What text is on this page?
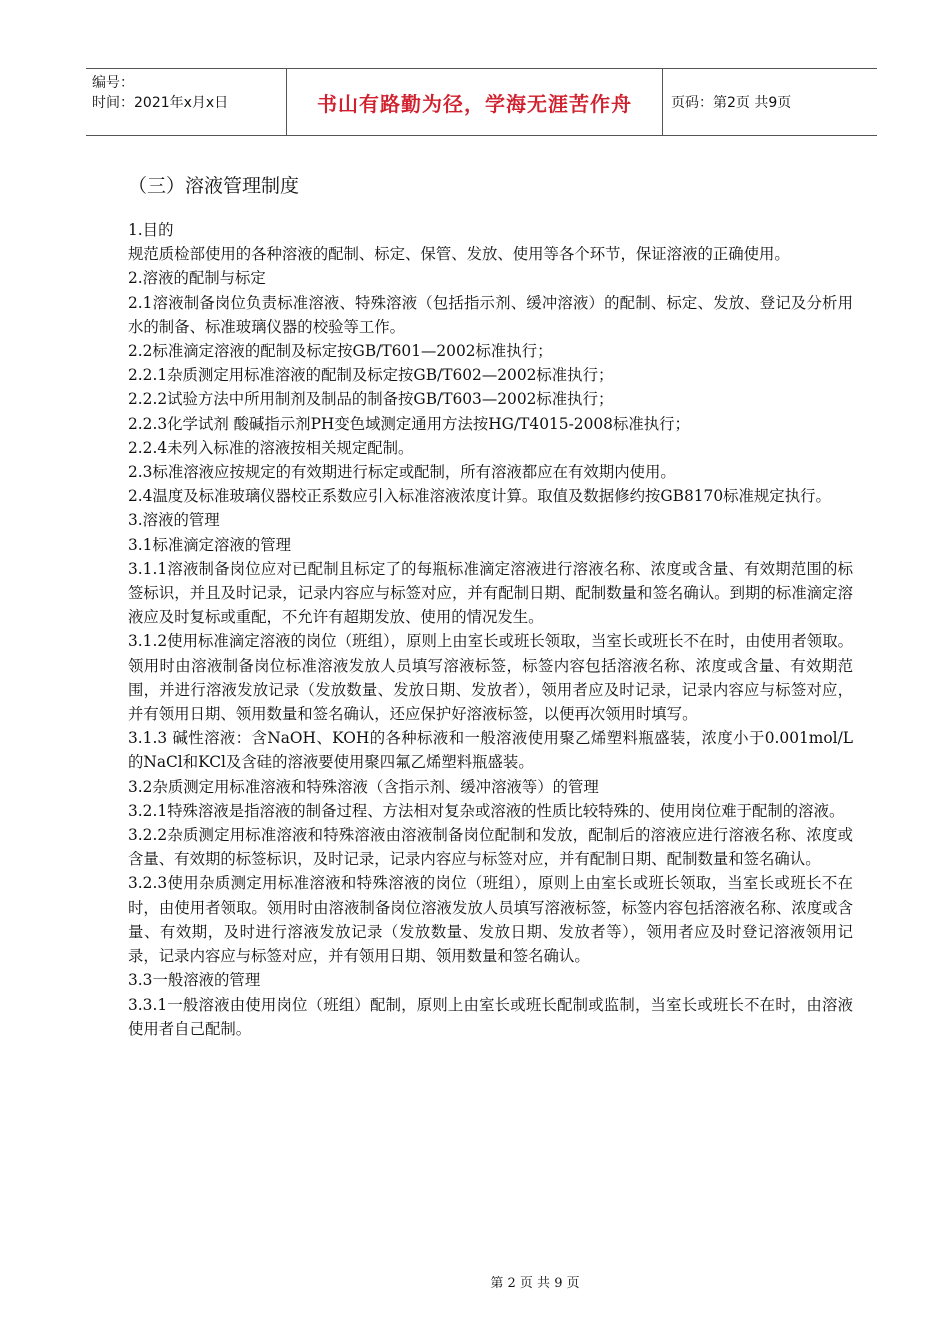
编号：
时间：2021年x月x日	书山有路勤为径，学海无涯苦作舟	页码：第2页 共9页
（三）溶液管理制度

1.目的

规范质检部使用的各种溶液的配制、标定、保管、发放、使用等各个环节，保证溶液的正确使用。

2.溶液的配制与标定

2.1溶液制备岗位负责标准溶液、特殊溶液（包括指示剂、缓冲溶液）的配制、标定、发放、登记及分析用水的制备、标准玻璃仪器的校验等工作。

2.2标准滴定溶液的配制及标定按GB/T601—2002标准执行；

2.2.1杂质测定用标准溶液的配制及标定按GB/T602—2002标准执行；

2.2.2试验方法中所用制剂及制品的制备按GB/T603—2002标准执行；

2.2.3化学试剂 酸碱指示剂PH变色域测定通用方法按HG/T4015-2008标准执行；

2.2.4未列入标准的溶液按相关规定配制。

2.3标准溶液应按规定的有效期进行标定或配制，所有溶液都应在有效期内使用。

2.4温度及标准玻璃仪器校正系数应引入标准溶液浓度计算。取值及数据修约按GB8170标准规定执行。

3.溶液的管理

3.1标准滴定溶液的管理

3.1.1溶液制备岗位应对已配制且标定了的每瓶标准滴定溶液进行溶液名称、浓度或含量、有效期范围的标签标识，并且及时记录，记录内容应与标签对应，并有配制日期、配制数量和签名确认。到期的标准滴定溶液应及时复标或重配，不允许有超期发放、使用的情况发生。

3.1.2使用标准滴定溶液的岗位（班组），原则上由室长或班长领取，当室长或班长不在时，由使用者领取。领用时由溶液制备岗位标准溶液发放人员填写溶液标签，标签内容包括溶液名称、浓度或含量、有效期范围，并进行溶液发放记录（发放数量、发放日期、发放者），领用者应及时记录，记录内容应与标签对应，并有领用日期、领用数量和签名确认，还应保护好溶液标签，以便再次领用时填写。

3.1.3 碱性溶液：含NaOH、KOH的各种标液和一般溶液使用聚乙烯塑料瓶盛装，浓度小于0.001mol/L的NaCl和KCl及含硅的溶液要使用聚四氟乙烯塑料瓶盛装。

3.2杂质测定用标准溶液和特殊溶液（含指示剂、缓冲溶液等）的管理

3.2.1特殊溶液是指溶液的制备过程、方法相对复杂或溶液的性质比较特殊的、使用岗位难于配制的溶液。

3.2.2杂质测定用标准溶液和特殊溶液由溶液制备岗位配制和发放，配制后的溶液应进行溶液名称、浓度或含量、有效期的标签标识，及时记录，记录内容应与标签对应，并有配制日期、配制数量和签名确认。

3.2.3使用杂质测定用标准溶液和特殊溶液的岗位（班组），原则上由室长或班长领取，当室长或班长不在时，由使用者领取。领用时由溶液制备岗位溶液发放人员填写溶液标签，标签内容包括溶液名称、浓度或含量、有效期，及时进行溶液发放记录（发放数量、发放日期、发放者等），领用者应及时登记溶液领用记录，记录内容应与标签对应，并有领用日期、领用数量和签名确认。

3.3一般溶液的管理

3.3.1一般溶液由使用岗位（班组）配制，原则上由室长或班长配制或监制，当室长或班长不在时，由溶液使用者自己配制。

第 2 页 共 9 页
